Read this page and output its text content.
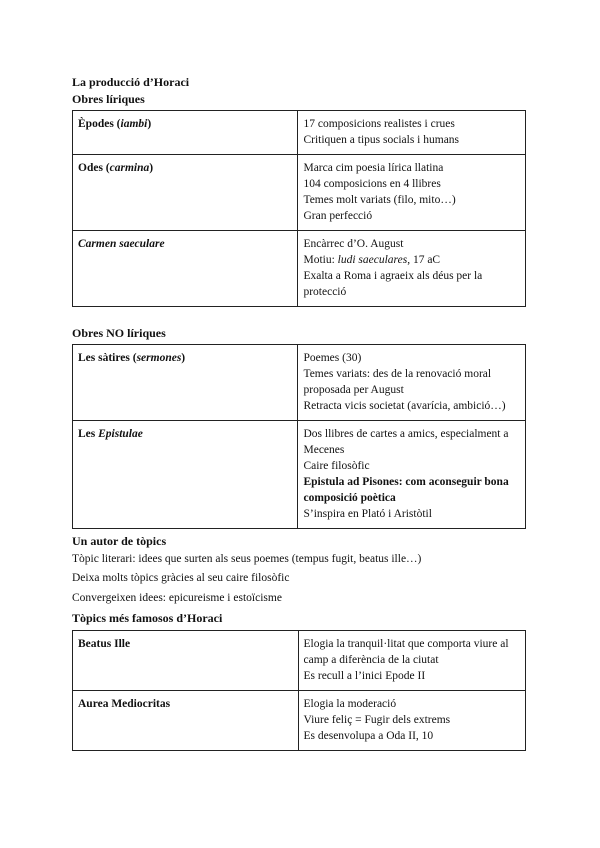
La producció d’Horaci

Obres líriques

Èpodes (iambi)	17 composicions realistes i crues
Critiquen a tipus socials i humans

Odes (carmina)	Marca cim poesia lírica llatina
104 composicions en 4 llibres
Temes molt variats (filo, mito…)
Gran perfecció

Carmen saeculare	Encàrrec d’O. August
Motiu: ludi saeculares, 17 aC
Exalta a Roma i agraeix als déus per la protecció

Obres NO líriques

Les sàtires (sermones)	Poemes (30)
Temes variats: des de la renovació moral proposada per August
Retracta vicis societat (avarícia, ambició…)

Les Epistulae	Dos llibres de cartes a amics, especialment a Mecenes
Caire filosòfic
Epistula ad Pisones: com aconseguir bona composició poètica
S’inspira en Plató i Aristòtil

Un autor de tòpics

Tòpic literari: idees que surten als seus poemes (tempus fugit, beatus ille…)

Deixa molts tòpics gràcies al seu caire filosòfic

Convergeixen idees: epicureisme i estoïcisme

Tòpics més famosos d’Horaci

Beatus Ille	Elogia la tranquil·litat que comporta viure al camp a diferència de la ciutat
Es recull a l’inici Epode II

Aurea Mediocritas	Elogia la moderació
Viure feliç = Fugir dels extrems
Es desenvolupa a Oda II, 10
